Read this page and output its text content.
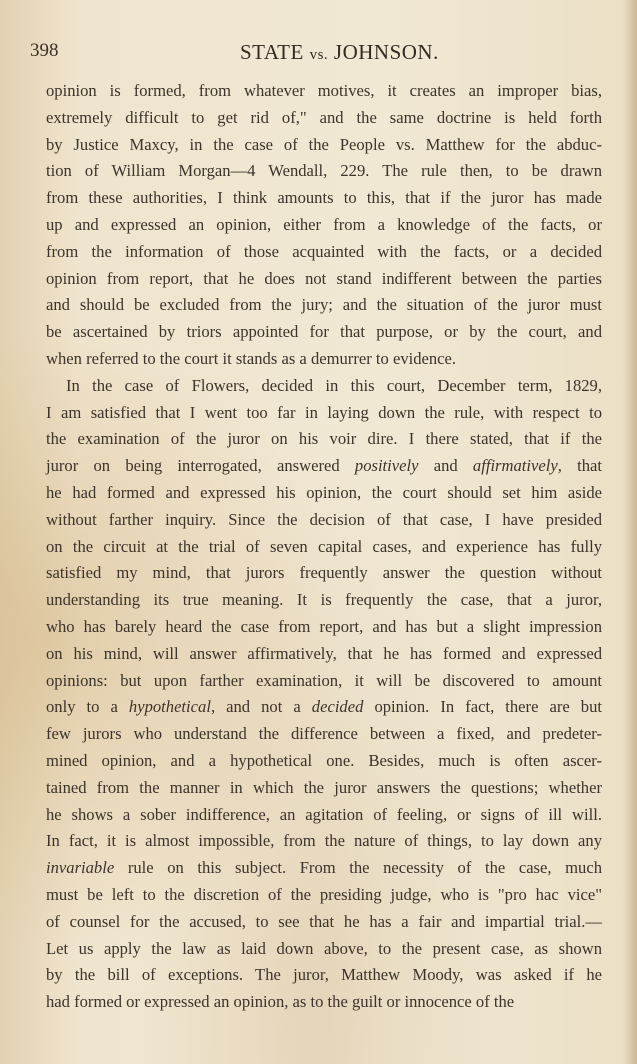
398	STATE vs. JOHNSON.
opinion is formed, from whatever motives, it creates an improper bias,
extremely difficult to get rid of," and the same doctrine is held forth
by Justice Maxcy, in the case of the People vs. Matthew for the abduc-
tion of William Morgan—4 Wendall, 229. The rule then, to be drawn
from these authorities, I think amounts to this, that if the juror has made
up and expressed an opinion, either from a knowledge of the facts, or
from the information of those acquainted with the facts, or a decided
opinion from report, that he does not stand indifferent between the parties
and should be excluded from the jury; and the situation of the juror must
be ascertained by triors appointed for that purpose, or by the court, and
when referred to the court it stands as a demurrer to evidence.
In the case of Flowers, decided in this court, December term, 1829,
I am satisfied that I went too far in laying down the rule, with respect to
the examination of the juror on his voir dire. I there stated, that if the
juror on being interrogated, answered positively and affirmatively, that
he had formed and expressed his opinion, the court should set him aside
without farther inquiry. Since the decision of that case, I have presided
on the circuit at the trial of seven capital cases, and experience has fully
satisfied my mind, that jurors frequently answer the question without
understanding its true meaning. It is frequently the case, that a juror,
who has barely heard the case from report, and has but a slight impression
on his mind, will answer affirmatively, that he has formed and expressed
opinions: but upon farther examination, it will be discovered to amount
only to a hypothetical, and not a decided opinion. In fact, there are but
few jurors who understand the difference between a fixed, and predeter-
mined opinion, and a hypothetical one. Besides, much is often ascer-
tained from the manner in which the juror answers the questions; whether
he shows a sober indifference, an agitation of feeling, or signs of ill will.
In fact, it is almost impossible, from the nature of things, to lay down any
invariable rule on this subject. From the necessity of the case, much
must be left to the discretion of the presiding judge, who is "pro hac vice"
of counsel for the accused, to see that he has a fair and impartial trial.—
Let us apply the law as laid down above, to the present case, as shown
by the bill of exceptions. The juror, Matthew Moody, was asked if he
had formed or expressed an opinion, as to the guilt or innocence of the
